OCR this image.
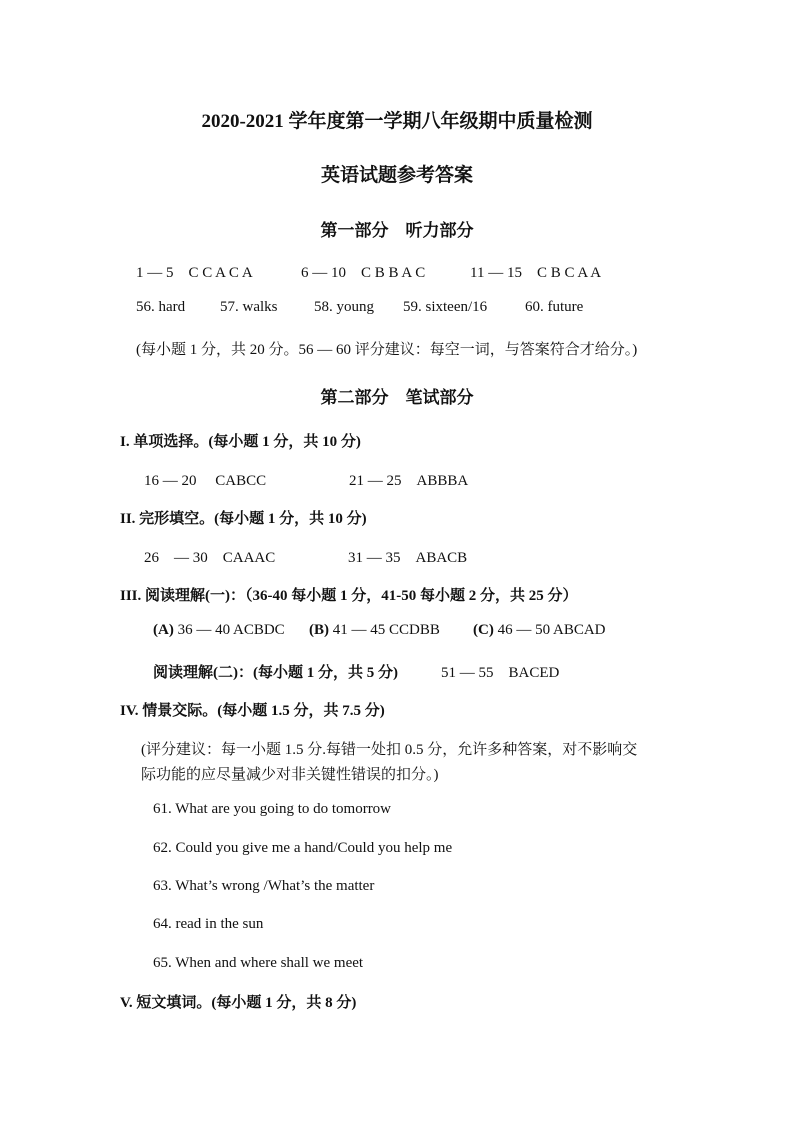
2020-2021 学年度第一学期八年级期中质量检测
英语试题参考答案
第一部分　听力部分
1 — 5　C C A C A	6 — 10　C B B A C	11 — 15　C B C A A
56. hard 57. walks 58. young 59. sixteen/16	60. future
(每小题 1 分，共 20 分。56 — 60 评分建议：每空一词，与答案符合才给分。)
第二部分　笔试部分
I. 单项选择。(每小题 1 分，共 10 分)
16 — 20　 CABCC	21 — 25　ABBBA
II. 完形填空。(每小题 1 分，共 10 分)
26　— 30　CAAAC	31 — 35　ABACB
III. 阅读理解(一)：（36-40 每小题 1 分，41-50 每小题 2 分，共 25 分）
(A) 36 — 40 ACBDC (B) 41 — 45 CCDBB (C) 46 — 50 ABCAD
阅读理解(二)：(每小题 1 分，共 5 分)	51 — 55　BACED
IV. 情景交际。(每小题 1.5 分，共 7.5 分)
(评分建议：每一小题 1.5 分.每错一处扣 0.5 分，允许多种答案，对不影响交
际功能的应尽量减少对非关键性错误的扣分。)
61. What are you going to do tomorrow
62. Could you give me a hand/Could you help me
63. What’s wrong /What’s the matter
64. read in the sun
65. When and where shall we meet
V. 短文填词。(每小题 1 分，共 8 分)
